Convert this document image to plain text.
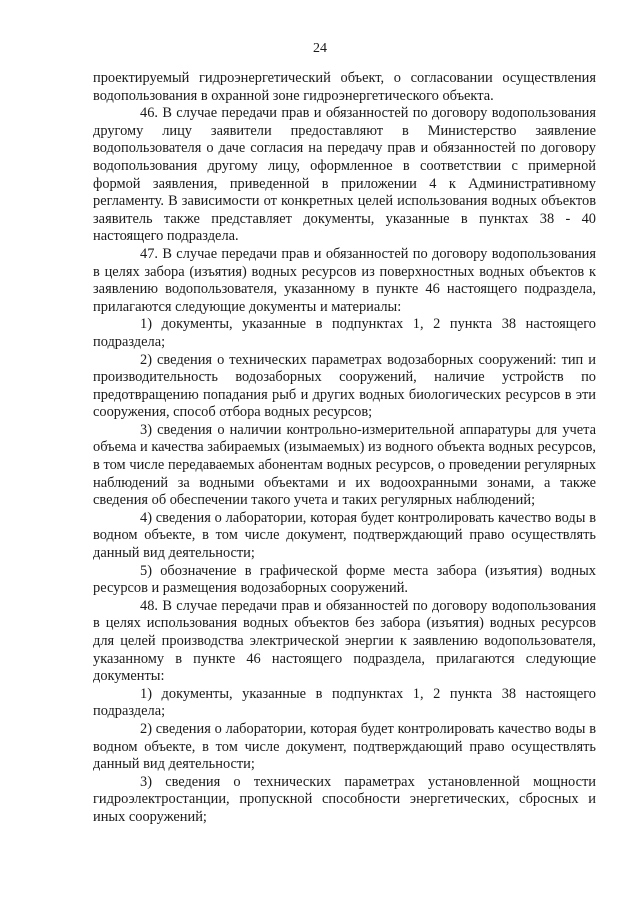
24

проектируемый гидроэнергетический объект, о согласовании осуществления водопользования в охранной зоне гидроэнергетического объекта.

46. В случае передачи прав и обязанностей по договору водопользования другому лицу заявители предоставляют в Министерство заявление водопользователя о даче согласия на передачу прав и обязанностей по договору водопользования другому лицу, оформленное в соответствии с примерной формой заявления, приведенной в приложении 4 к Административному регламенту. В зависимости от конкретных целей использования водных объектов заявитель также представляет документы, указанные в пунктах 38 - 40 настоящего подраздела.

47. В случае передачи прав и обязанностей по договору водопользования в целях забора (изъятия) водных ресурсов из поверхностных водных объектов к заявлению водопользователя, указанному в пункте 46 настоящего подраздела, прилагаются следующие документы и материалы:

1) документы, указанные в подпунктах 1, 2 пункта 38 настоящего подраздела;

2) сведения о технических параметрах водозаборных сооружений: тип и производительность водозаборных сооружений, наличие устройств по предотвращению попадания рыб и других водных биологических ресурсов в эти сооружения, способ отбора водных ресурсов;

3) сведения о наличии контрольно-измерительной аппаратуры для учета объема и качества забираемых (изымаемых) из водного объекта водных ресурсов, в том числе передаваемых абонентам водных ресурсов, о проведении регулярных наблюдений за водными объектами и их водоохранными зонами, а также сведения об обеспечении такого учета и таких регулярных наблюдений;

4) сведения о лаборатории, которая будет контролировать качество воды в водном объекте, в том числе документ, подтверждающий право осуществлять данный вид деятельности;

5) обозначение в графической форме места забора (изъятия) водных ресурсов и размещения водозаборных сооружений.

48. В случае передачи прав и обязанностей по договору водопользования в целях использования водных объектов без забора (изъятия) водных ресурсов для целей производства электрической энергии к заявлению водопользователя, указанному в пункте 46 настоящего подраздела, прилагаются следующие документы:

1) документы, указанные в подпунктах 1, 2 пункта 38 настоящего подраздела;

2) сведения о лаборатории, которая будет контролировать качество воды в водном объекте, в том числе документ, подтверждающий право осуществлять данный вид деятельности;

3) сведения о технических параметрах установленной мощности гидроэлектростанции, пропускной способности энергетических, сбросных и иных сооружений;
